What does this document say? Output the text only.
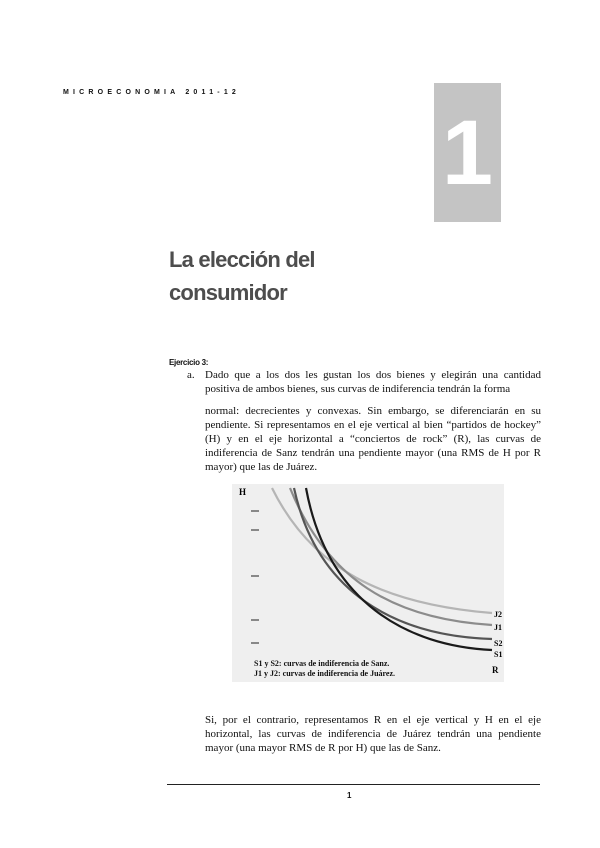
MICROECONOMIA 2011-12
1
La elección del
consumidor
Ejercicio 3:
a. Dado que a los dos les gustan los dos bienes y elegirán una cantidad positiva de ambos bienes, sus curvas de indiferencia tendrán la forma

normal: decrecientes y convexas. Sin embargo, se diferenciarán en su pendiente. Si representamos en el eje vertical al bien “partidos de hockey” (H) y en el eje horizontal a “conciertos de rock” (R), las curvas de indiferencia de Sanz tendrán una pendiente mayor (una RMS de H por R mayor) que las de Juárez.

H
J2
J1
S2
S1
R
S1 y S2: curvas de indiferencia de Sanz.
J1 y J2: curvas de indiferencia de Juárez.

Si, por el contrario, representamos R en el eje vertical y H en el eje horizontal, las curvas de indiferencia de Juárez tendrán una pendiente mayor (una mayor RMS de R por H) que las de Sanz.

1
